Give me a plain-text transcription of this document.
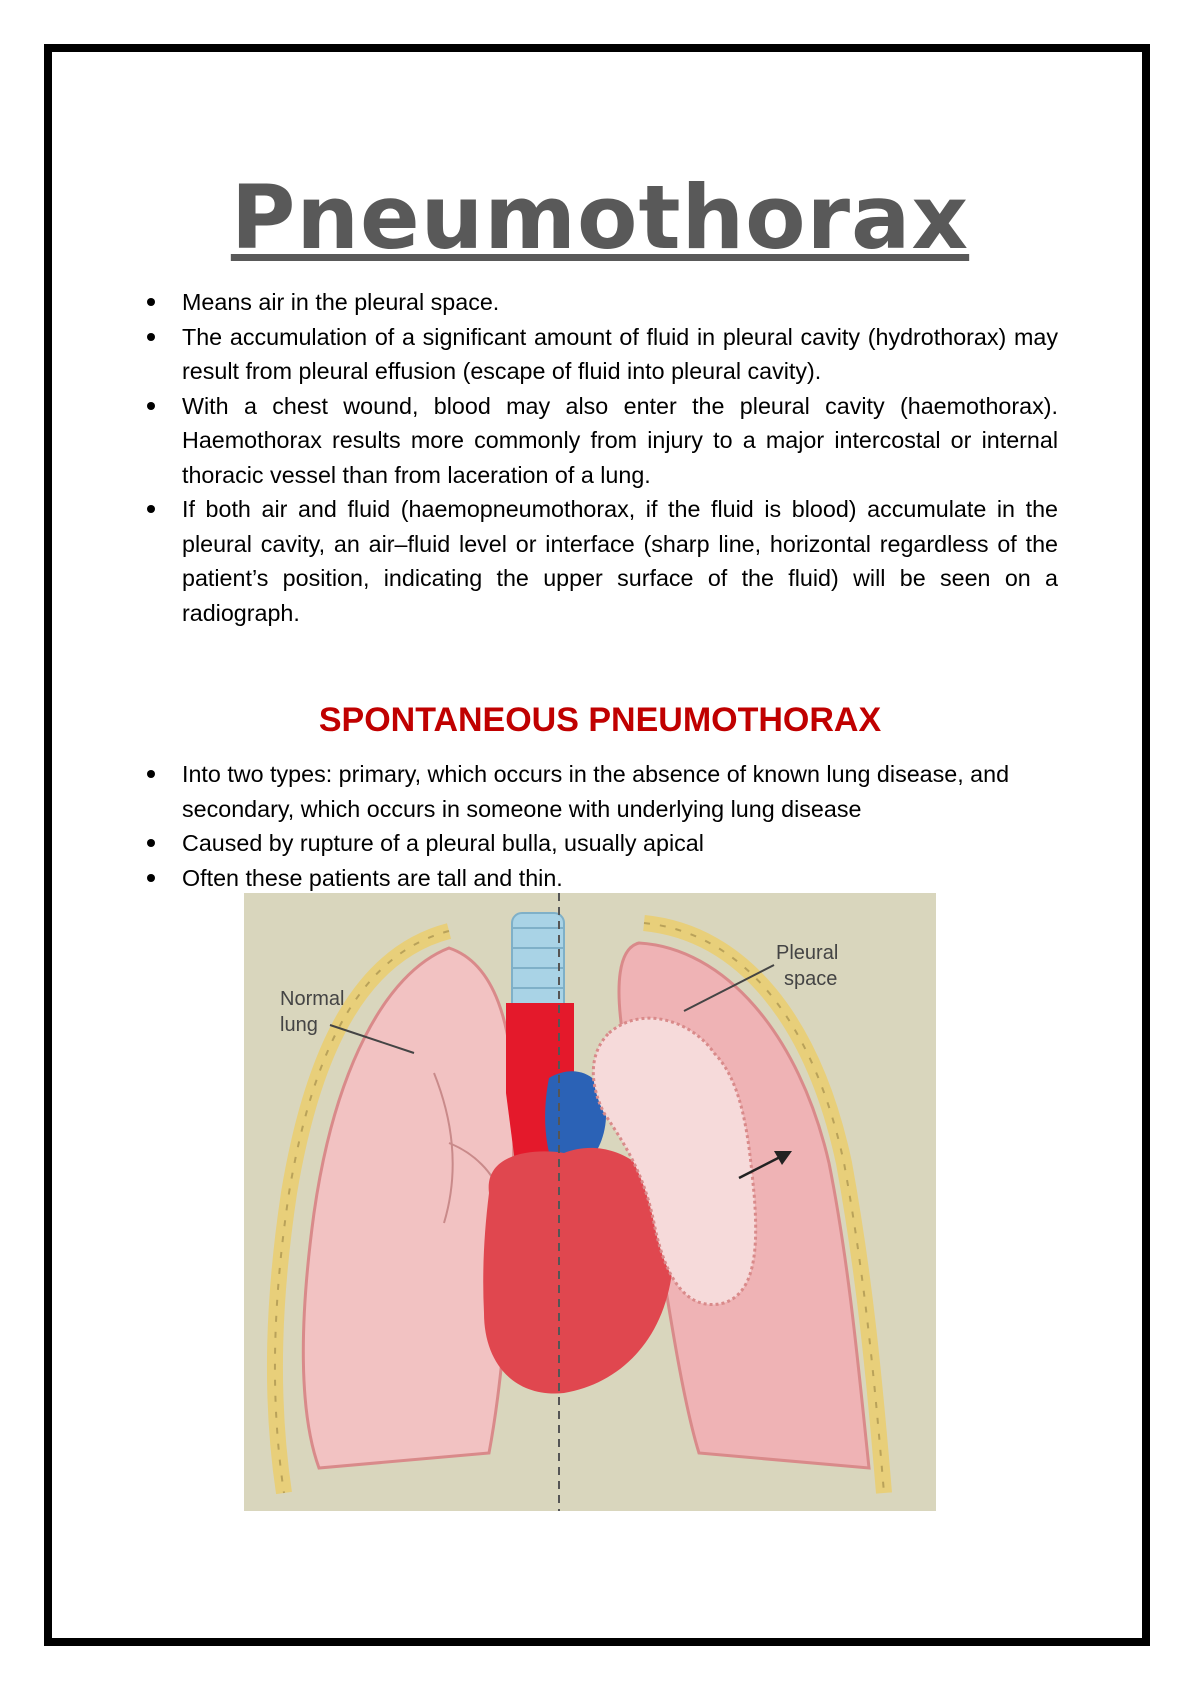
Pneumothorax
Means air in the pleural space.
The accumulation of a significant amount of fluid in pleural cavity (hydrothorax) may result from pleural effusion (escape of fluid into pleural cavity).
With a chest wound, blood may also enter the pleural cavity (haemothorax). Haemothorax results more commonly from injury to a major intercostal or internal thoracic vessel than from laceration of a lung.
If both air and fluid (haemopneumothorax, if the fluid is blood) accumulate in the pleural cavity, an air–fluid level or interface (sharp line, horizontal regardless of the patient’s position, indicating the upper surface of the fluid) will be seen on a radiograph.
SPONTANEOUS PNEUMOTHORAX
Into two types: primary, which occurs in the absence of known lung disease, and secondary, which occurs in someone with underlying lung disease
Caused by rupture of a pleural bulla, usually apical
Often these patients are tall and thin.
Normal
lung
Pleural
space
